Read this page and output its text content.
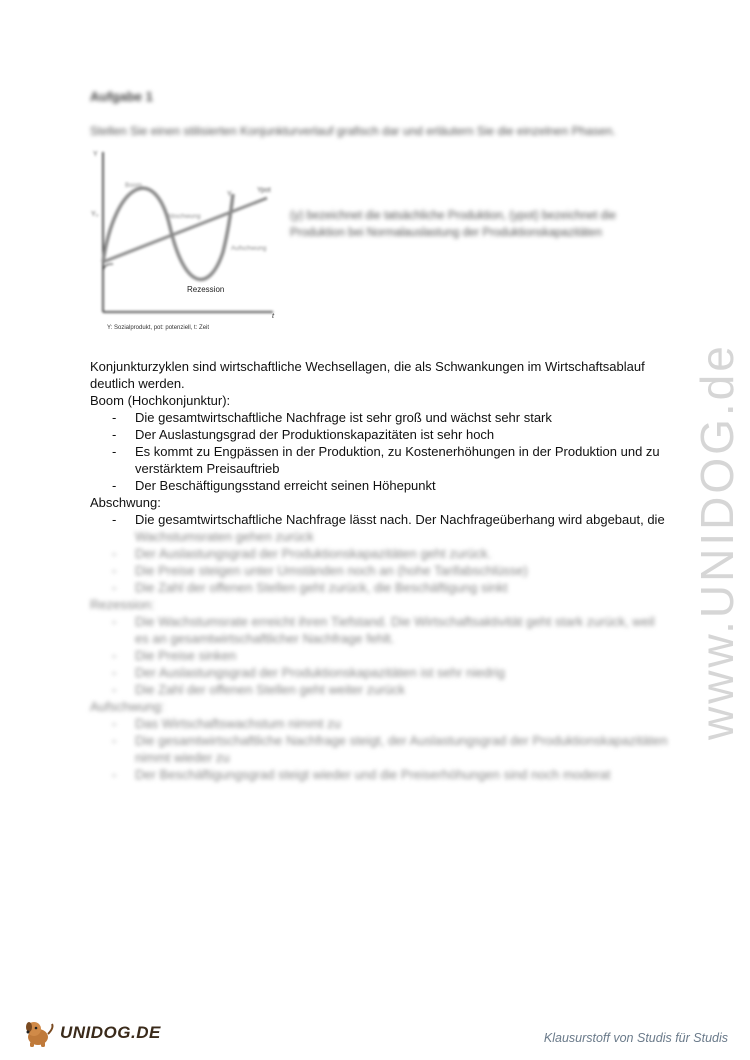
Aufgabe 1
Stellen Sie einen stilisierten Konjunkturverlauf grafisch dar und erläutern Sie die einzelnen Phasen.
Y
Y₀
Boom
Abschwung
Aufschwung
Y
Ypot
Rezession
t
Y: Sozialprodukt, pot: potenziell, t: Zeit
(y) bezeichnet die tatsächliche Produktion, (ypot) bezeichnet die Produktion bei Normalauslastung der Produktionskapazitäten

Konjunkturzyklen sind wirtschaftliche Wechsellagen, die als Schwankungen im Wirtschaftsablauf

deutlich werden.

Boom (Hochkonjunktur):

- Die gesamtwirtschaftliche Nachfrage ist sehr groß und wächst sehr stark
- Der Auslastungsgrad der Produktionskapazitäten ist sehr hoch
- Es kommt zu Engpässen in der Produktion, zu Kostenerhöhungen in der Produktion und zu
verstärktem Preisauftrieb
- Der Beschäftigungsstand erreicht seinen Höhepunkt

Abschwung:

- Die gesamtwirtschaftliche Nachfrage lässt nach. Der Nachfrageüberhang wird abgebaut, die
Wachstumsraten gehen zurück
- Der Auslastungsgrad der Produktionskapazitäten geht zurück.
- Die Preise steigen unter Umständen noch an (hohe Tarifabschlüsse)
- Die Zahl der offenen Stellen geht zurück, die Beschäftigung sinkt

Rezession:

- Die Wachstumsrate erreicht ihren Tiefstand. Die Wirtschaftsaktivität geht stark zurück, weil
es an gesamtwirtschaftlicher Nachfrage fehlt.
- Die Preise sinken
- Der Auslastungsgrad der Produktionskapazitäten ist sehr niedrig
- Die Zahl der offenen Stellen geht weiter zurück

Aufschwung:

- Das Wirtschaftswachstum nimmt zu
- Die gesamtwirtschaftliche Nachfrage steigt, der Auslastungsgrad der Produktionskapazitäten
nimmt wieder zu
- Der Beschäftigungsgrad steigt wieder und die Preiserhöhungen sind noch moderat
www.UNIDOG.de
UNIDOG.DE	Klausurstoff von Studis für Studis
